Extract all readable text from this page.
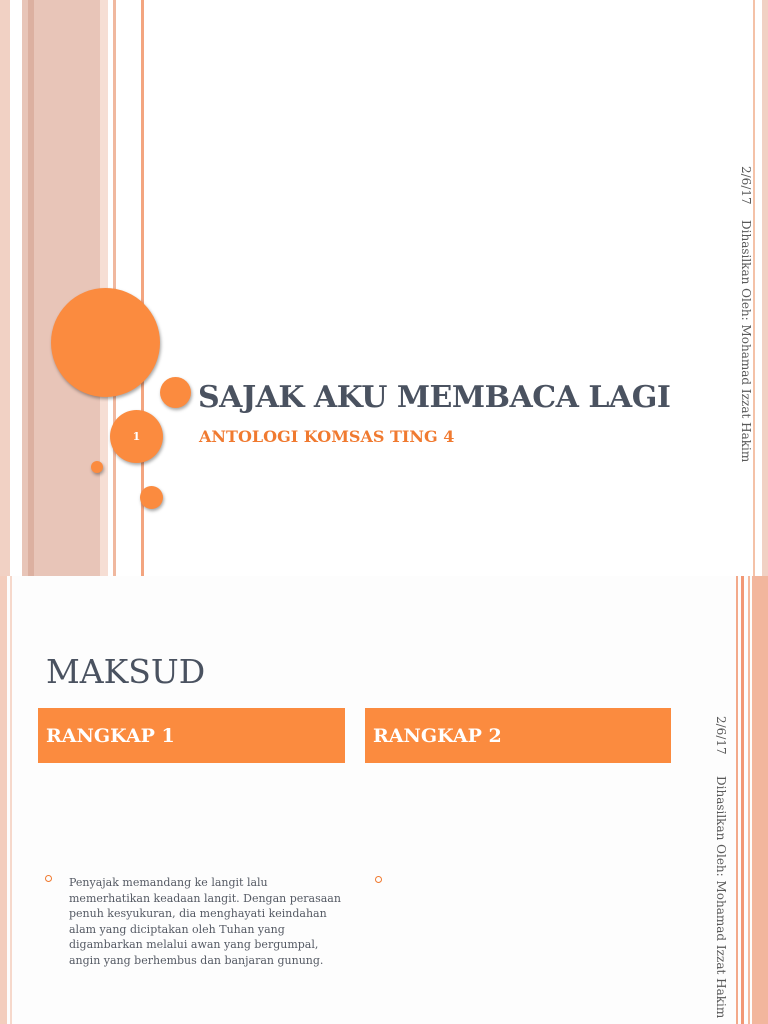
1
SAJAK AKU MEMBACA LAGI
ANTOLOGI KOMSAS TING 4
2/6/17
Dihasilkan Oleh: Mohamad Izzat Hakim
MAKSUD
RANGKAP 1	RANGKAP 2

Penyajak memandang ke langit lalu memerhatikan keadaan langit. Dengan perasaan penuh kesyukuran, dia menghayati keindahan alam yang diciptakan oleh Tuhan yang digambarkan melalui awan yang bergumpal, angin yang berhembus dan banjaran gunung.

2/6/17
Dihasilkan Oleh: Mohamad Izzat Hakim
